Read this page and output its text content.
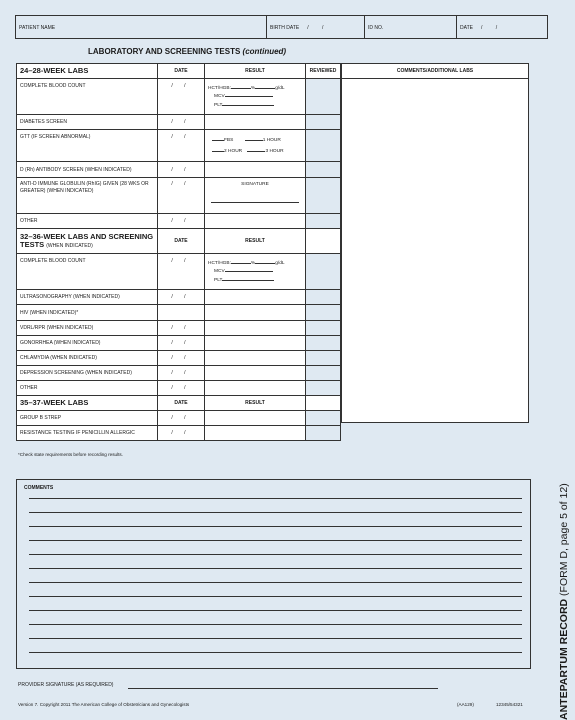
PATIENT NAME	BIRTH DATE / /	ID NO.	DATE / /
LABORATORY AND SCREENING TESTS (continued)
24–28-WEEK LABS	DATE	RESULT	REVIEWED
COMPLETE BLOOD COUNT	/ /	HCT/HGB: % g/dL
MCV
PLT	

DIABETES SCREEN	/ /		
GTT (IF SCREEN ABNORMAL)	/ /	FBS 1 HOUR
2 HOUR 3 HOUR	

D (Rh) ANTIBODY SCREEN (WHEN INDICATED)	/ /		
ANTI-D IMMUNE GLOBULIN (RhIG) GIVEN (28 WKS OR GREATER) (WHEN INDICATED)	/ /	SIGNATURE	

OTHER	/ /		
32–36-WEEK LABS AND SCREENING TESTS (WHEN INDICATED)	DATE	RESULT	
COMPLETE BLOOD COUNT	/ /	HCT/HGB: % g/dL
MCV
PLT	

ULTRASONOGRAPHY (WHEN INDICATED)	/ /		
HIV (WHEN INDICATED)*			
VDRL/RPR (WHEN INDICATED)	/ /		
GONORRHEA (WHEN INDICATED)	/ /		
CHLAMYDIA (WHEN INDICATED)	/ /		
DEPRESSION SCREENING (WHEN INDICATED)	/ /		
OTHER	/ /		
35–37-WEEK LABS	DATE	RESULT	
GROUP B STREP	/ /		
RESISTANCE TESTING IF PENICILLIN ALLERGIC	/ /		
COMMENTS/ADDITIONAL LABS
*Check state requirements before recording results.
COMMENTS
PROVIDER SIGNATURE (AS REQUIRED)
Version 7. Copyright 2011 The American College of Obstetricians and Gynecologists	(AA129)	12345/54321	ANTEPARTUM RECORD (FORM D, page 5 of 12)
